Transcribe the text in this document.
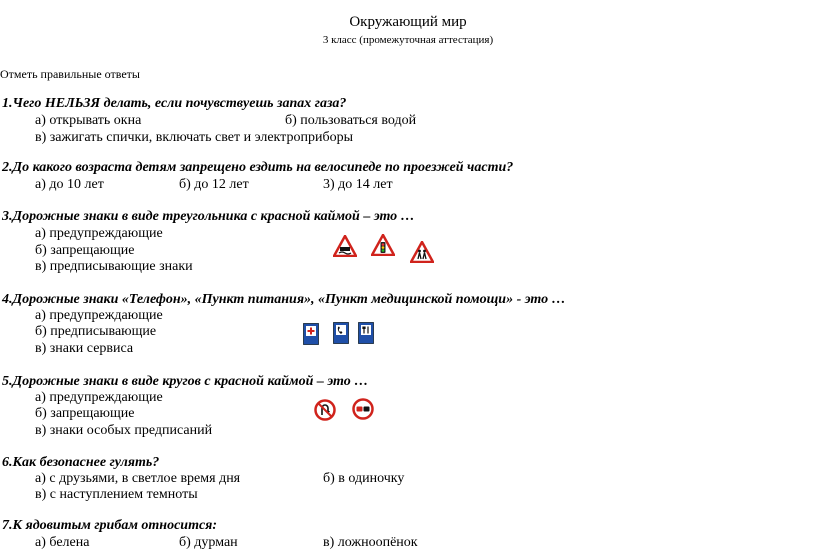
Окружающий мир
3 класс (промежуточная аттестация)
Отметь правильные ответы
1.Чего НЕЛЬЗЯ делать, если почувствуешь запах газа?
а) открывать окна	б) пользоваться водой
в) зажигать спички, включать свет и электроприборы
2.До какого возраста детям запрещено ездить на велосипеде по проезжей части?
а) до 10 лет	б) до 12 лет	3) до 14 лет
3.Дорожные знаки в виде треугольника с красной каймой – это …
а) предупреждающие
б) запрещающие
в) предписывающие знаки
4.Дорожные знаки «Телефон», «Пункт питания», «Пункт медицинской помощи» - это …
а) предупреждающие
б) предписывающие
в) знаки сервиса
5.Дорожные знаки в виде кругов с красной каймой – это …
а) предупреждающие
б) запрещающие
в) знаки особых предписаний
6.Как безопаснее гулять?
а) с друзьями, в светлое время дня	б) в одиночку
в) с наступлением темноты
7.К ядовитым грибам относится:
а) белена	б) дурман	в) ложноопёнок
